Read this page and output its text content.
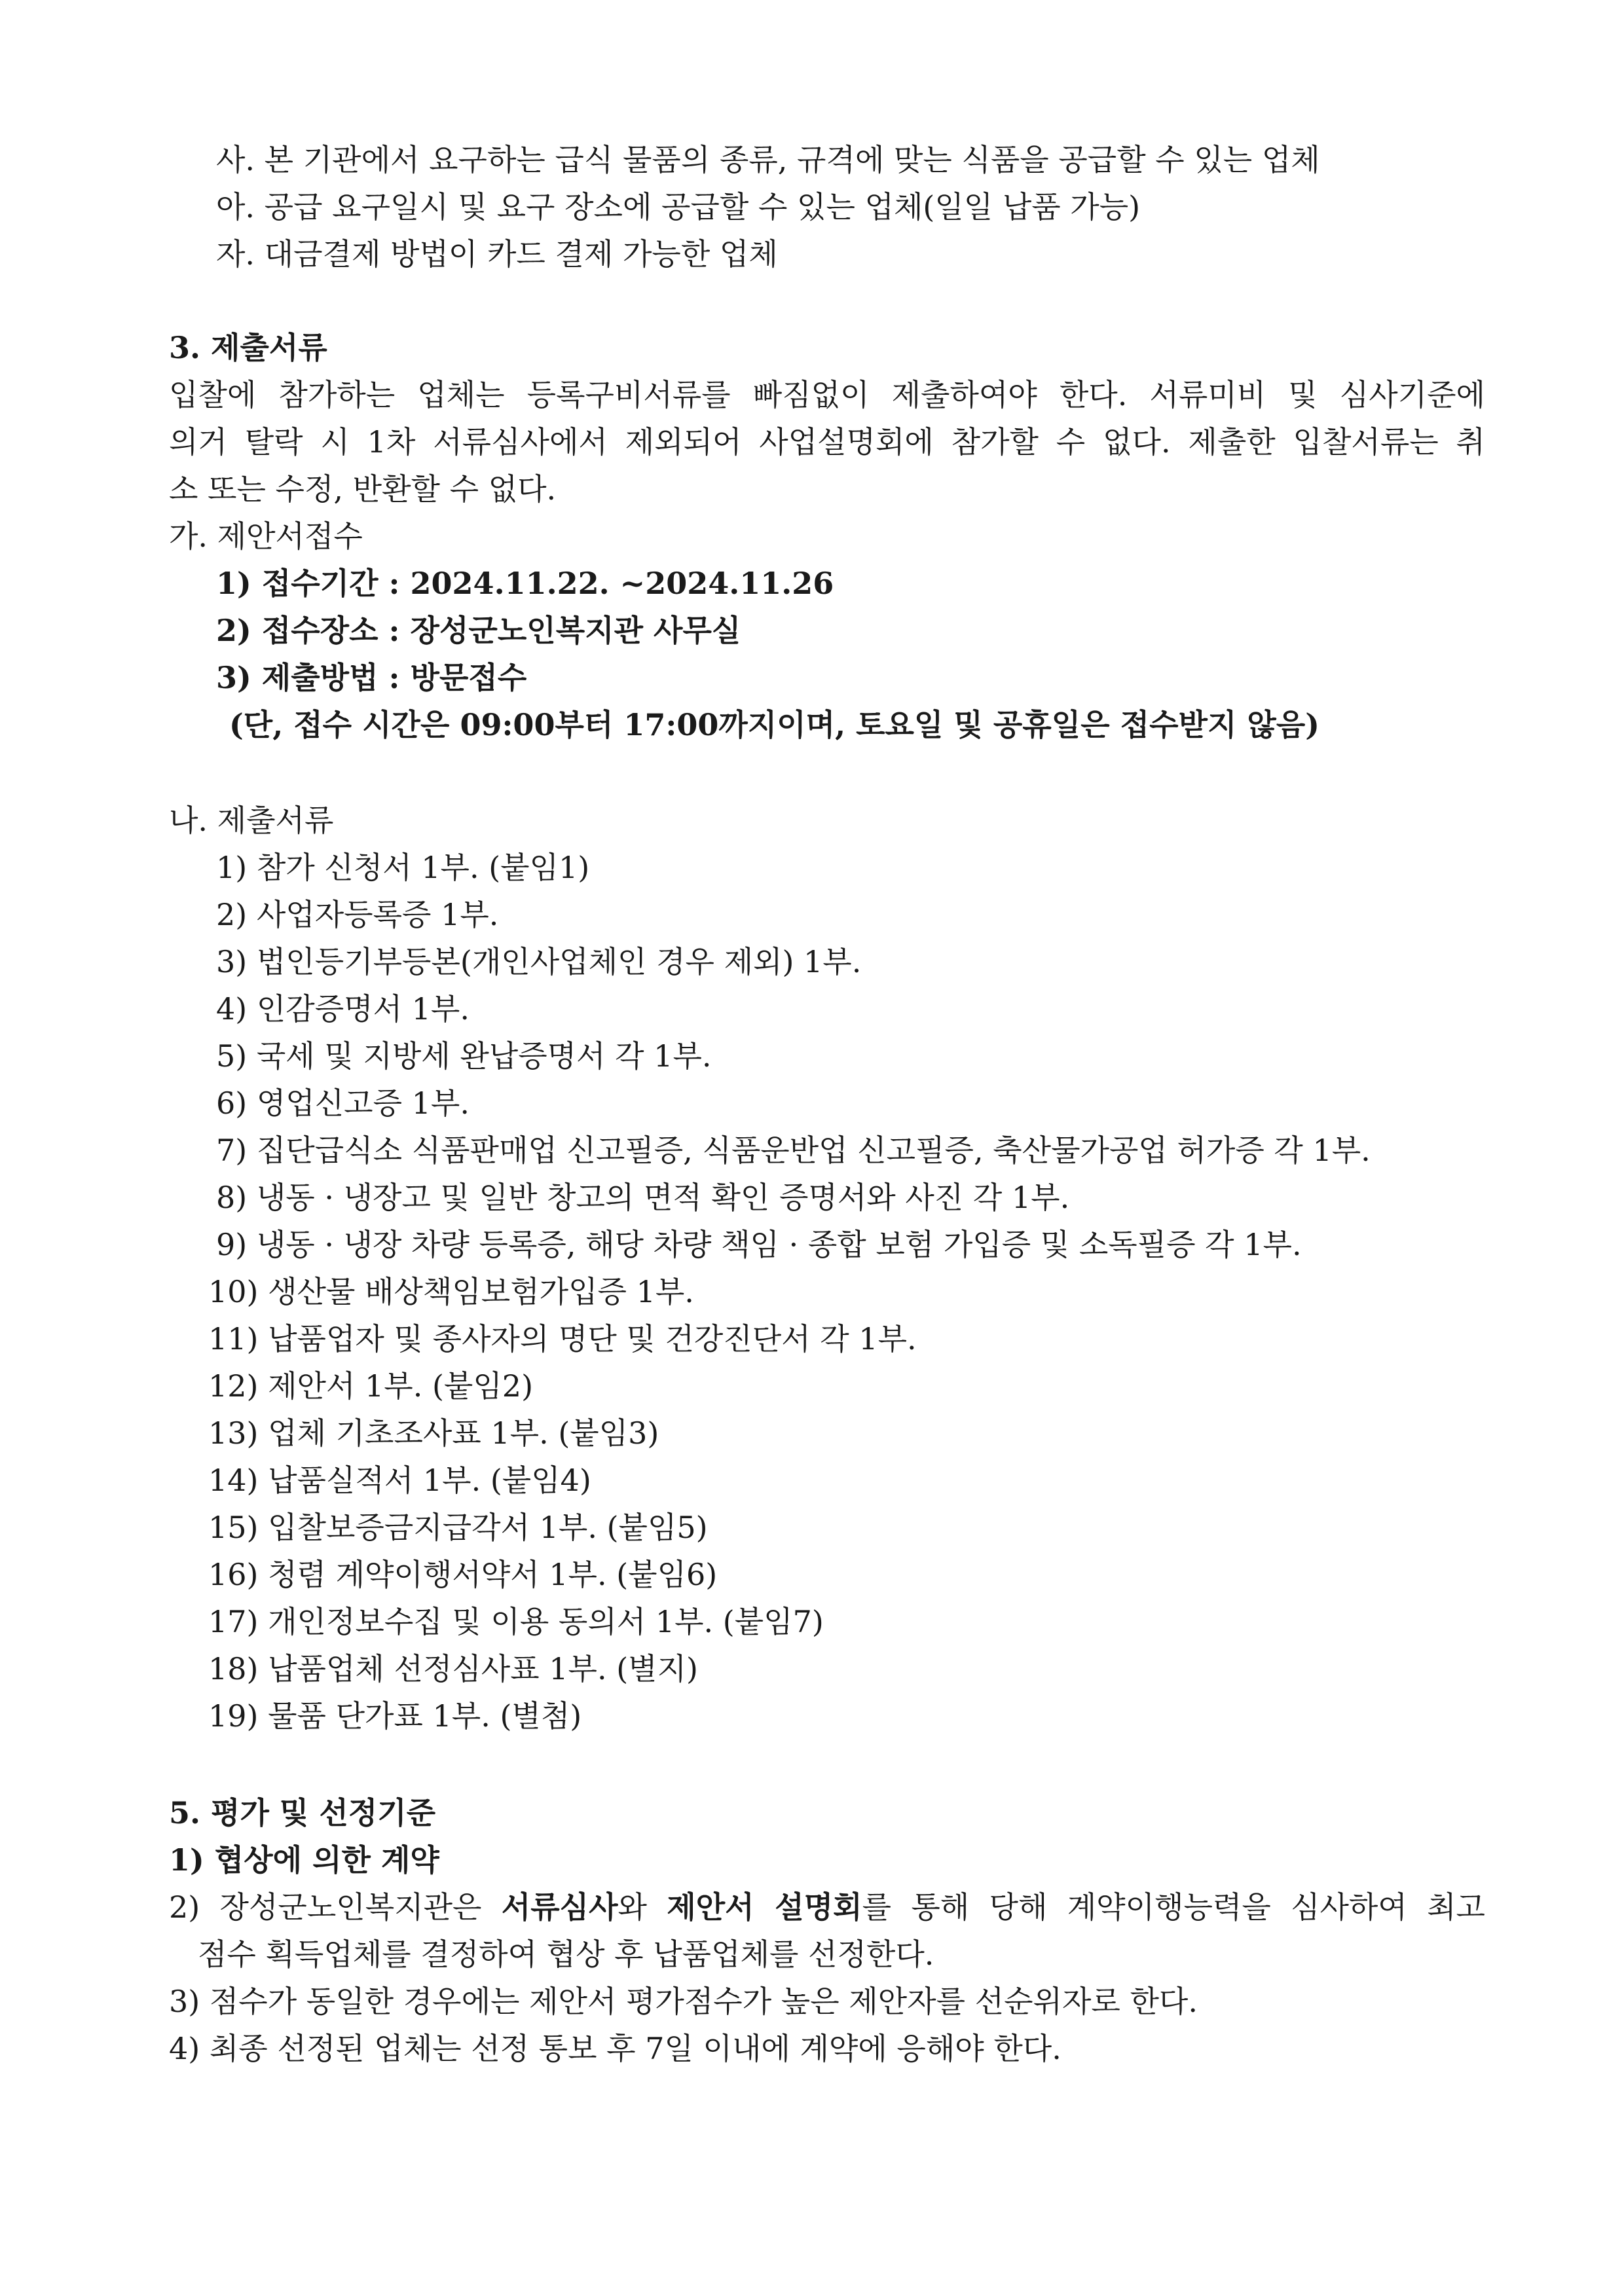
사. 본 기관에서 요구하는 급식 물품의 종류, 규격에 맞는 식품을 공급할 수 있는 업체
아. 공급 요구일시 및 요구 장소에 공급할 수 있는 업체(일일 납품 가능)
자. 대금결제 방법이 카드 결제 가능한 업체
3. 제출서류
입찰에 참가하는 업체는 등록구비서류를 빠짐없이 제출하여야 한다. 서류미비 및 심사기준에
의거 탈락 시 1차 서류심사에서 제외되어 사업설명회에 참가할 수 없다. 제출한 입찰서류는 취
소 또는 수정, 반환할 수 없다.
가. 제안서접수
1) 접수기간 : 2024.11.22. ~2024.11.26
2) 접수장소 : 장성군노인복지관 사무실
3) 제출방법 : 방문접수
(단, 접수 시간은 09:00부터 17:00까지이며, 토요일 및 공휴일은 접수받지 않음)
나. 제출서류
1) 참가 신청서 1부. (붙임1)
2) 사업자등록증 1부.
3) 법인등기부등본(개인사업체인 경우 제외) 1부.
4) 인감증명서 1부.
5) 국세 및 지방세 완납증명서 각 1부.
6) 영업신고증 1부.
7) 집단급식소 식품판매업 신고필증, 식품운반업 신고필증, 축산물가공업 허가증 각 1부.
8) 냉동 · 냉장고 및 일반 창고의 면적 확인 증명서와 사진 각 1부.
9) 냉동 · 냉장 차량 등록증, 해당 차량 책임 · 종합 보험 가입증 및 소독필증 각 1부.
10) 생산물 배상책임보험가입증 1부.
11) 납품업자 및 종사자의 명단 및 건강진단서 각 1부.
12) 제안서 1부. (붙임2)
13) 업체 기초조사표 1부. (붙임3)
14) 납품실적서 1부. (붙임4)
15) 입찰보증금지급각서 1부. (붙임5)
16) 청렴 계약이행서약서 1부. (붙임6)
17) 개인정보수집 및 이용 동의서 1부. (붙임7)
18) 납품업체 선정심사표 1부. (별지)
19) 물품 단가표 1부. (별첨)
5. 평가 및 선정기준
1) 협상에 의한 계약
2) 장성군노인복지관은 서류심사와 제안서 설명회를 통해 당해 계약이행능력을 심사하여 최고
점수 획득업체를 결정하여 협상 후 납품업체를 선정한다.
3) 점수가 동일한 경우에는 제안서 평가점수가 높은 제안자를 선순위자로 한다.
4) 최종 선정된 업체는 선정 통보 후 7일 이내에 계약에 응해야 한다.
